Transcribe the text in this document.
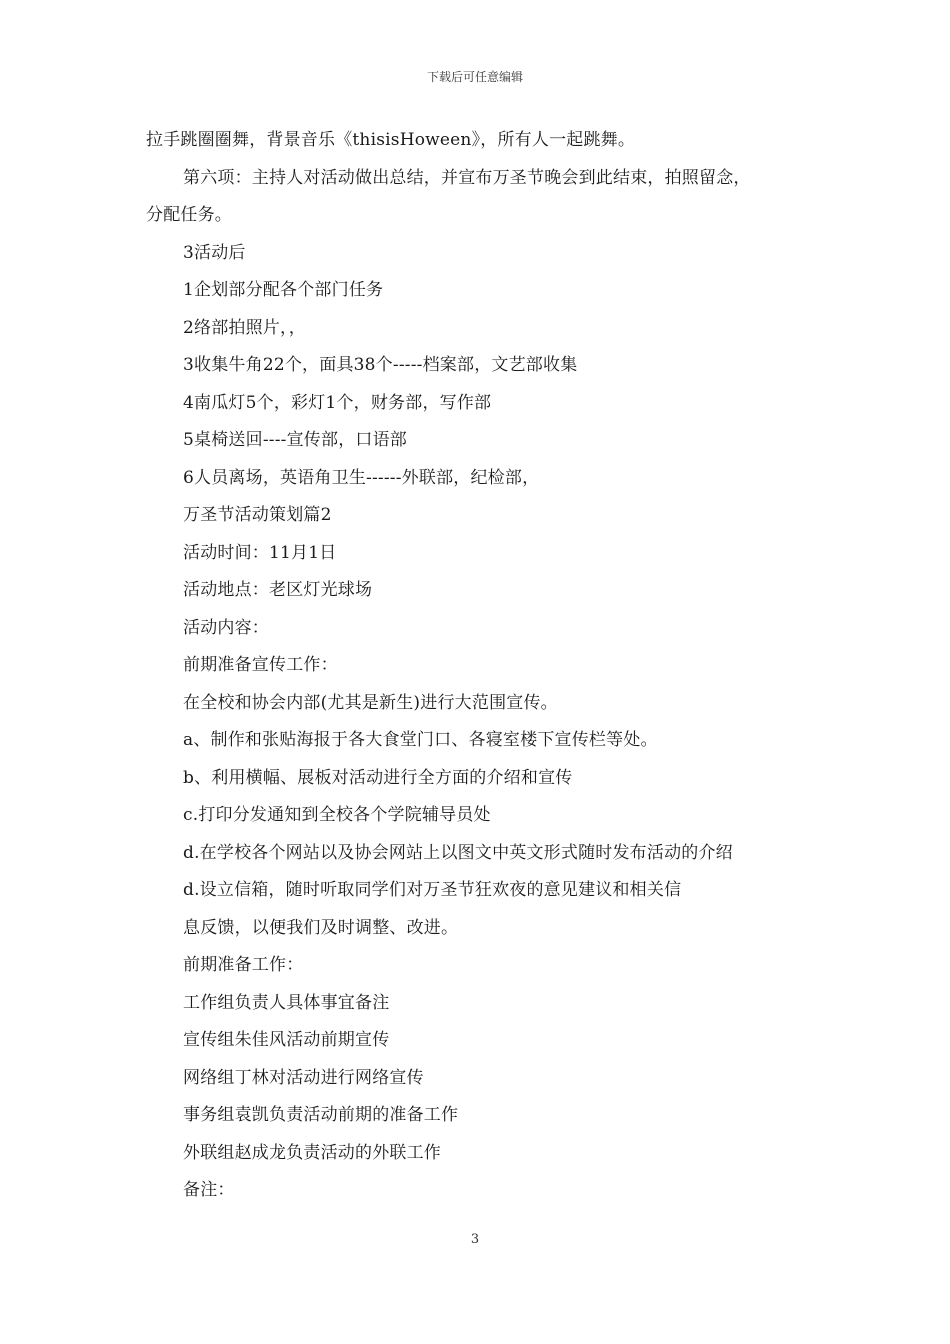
下载后可任意编辑
拉手跳圈圈舞，背景音乐《thisisHoween》，所有人一起跳舞。
第六项：主持人对活动做出总结，并宣布万圣节晚会到此结束，拍照留念，
分配任务。
3活动后
1企划部分配各个部门任务
2络部拍照片，，
3收集牛角22个，面具38个-----档案部，文艺部收集
4南瓜灯5个，彩灯1个，财务部，写作部
5桌椅送回----宣传部，口语部
6人员离场，英语角卫生------外联部，纪检部，
万圣节活动策划篇2
活动时间：11月1日
活动地点：老区灯光球场
活动内容：
前期准备宣传工作：
在全校和协会内部(尤其是新生)进行大范围宣传。
a、制作和张贴海报于各大食堂门口、各寝室楼下宣传栏等处。
b、利用横幅、展板对活动进行全方面的介绍和宣传
c.打印分发通知到全校各个学院辅导员处
d.在学校各个网站以及协会网站上以图文中英文形式随时发布活动的介绍
d.设立信箱，随时听取同学们对万圣节狂欢夜的意见建议和相关信
息反馈，以便我们及时调整、改进。
前期准备工作：
工作组负责人具体事宜备注
宣传组朱佳风活动前期宣传
网络组丁林对活动进行网络宣传
事务组袁凯负责活动前期的准备工作
外联组赵成龙负责活动的外联工作
备注：
3
